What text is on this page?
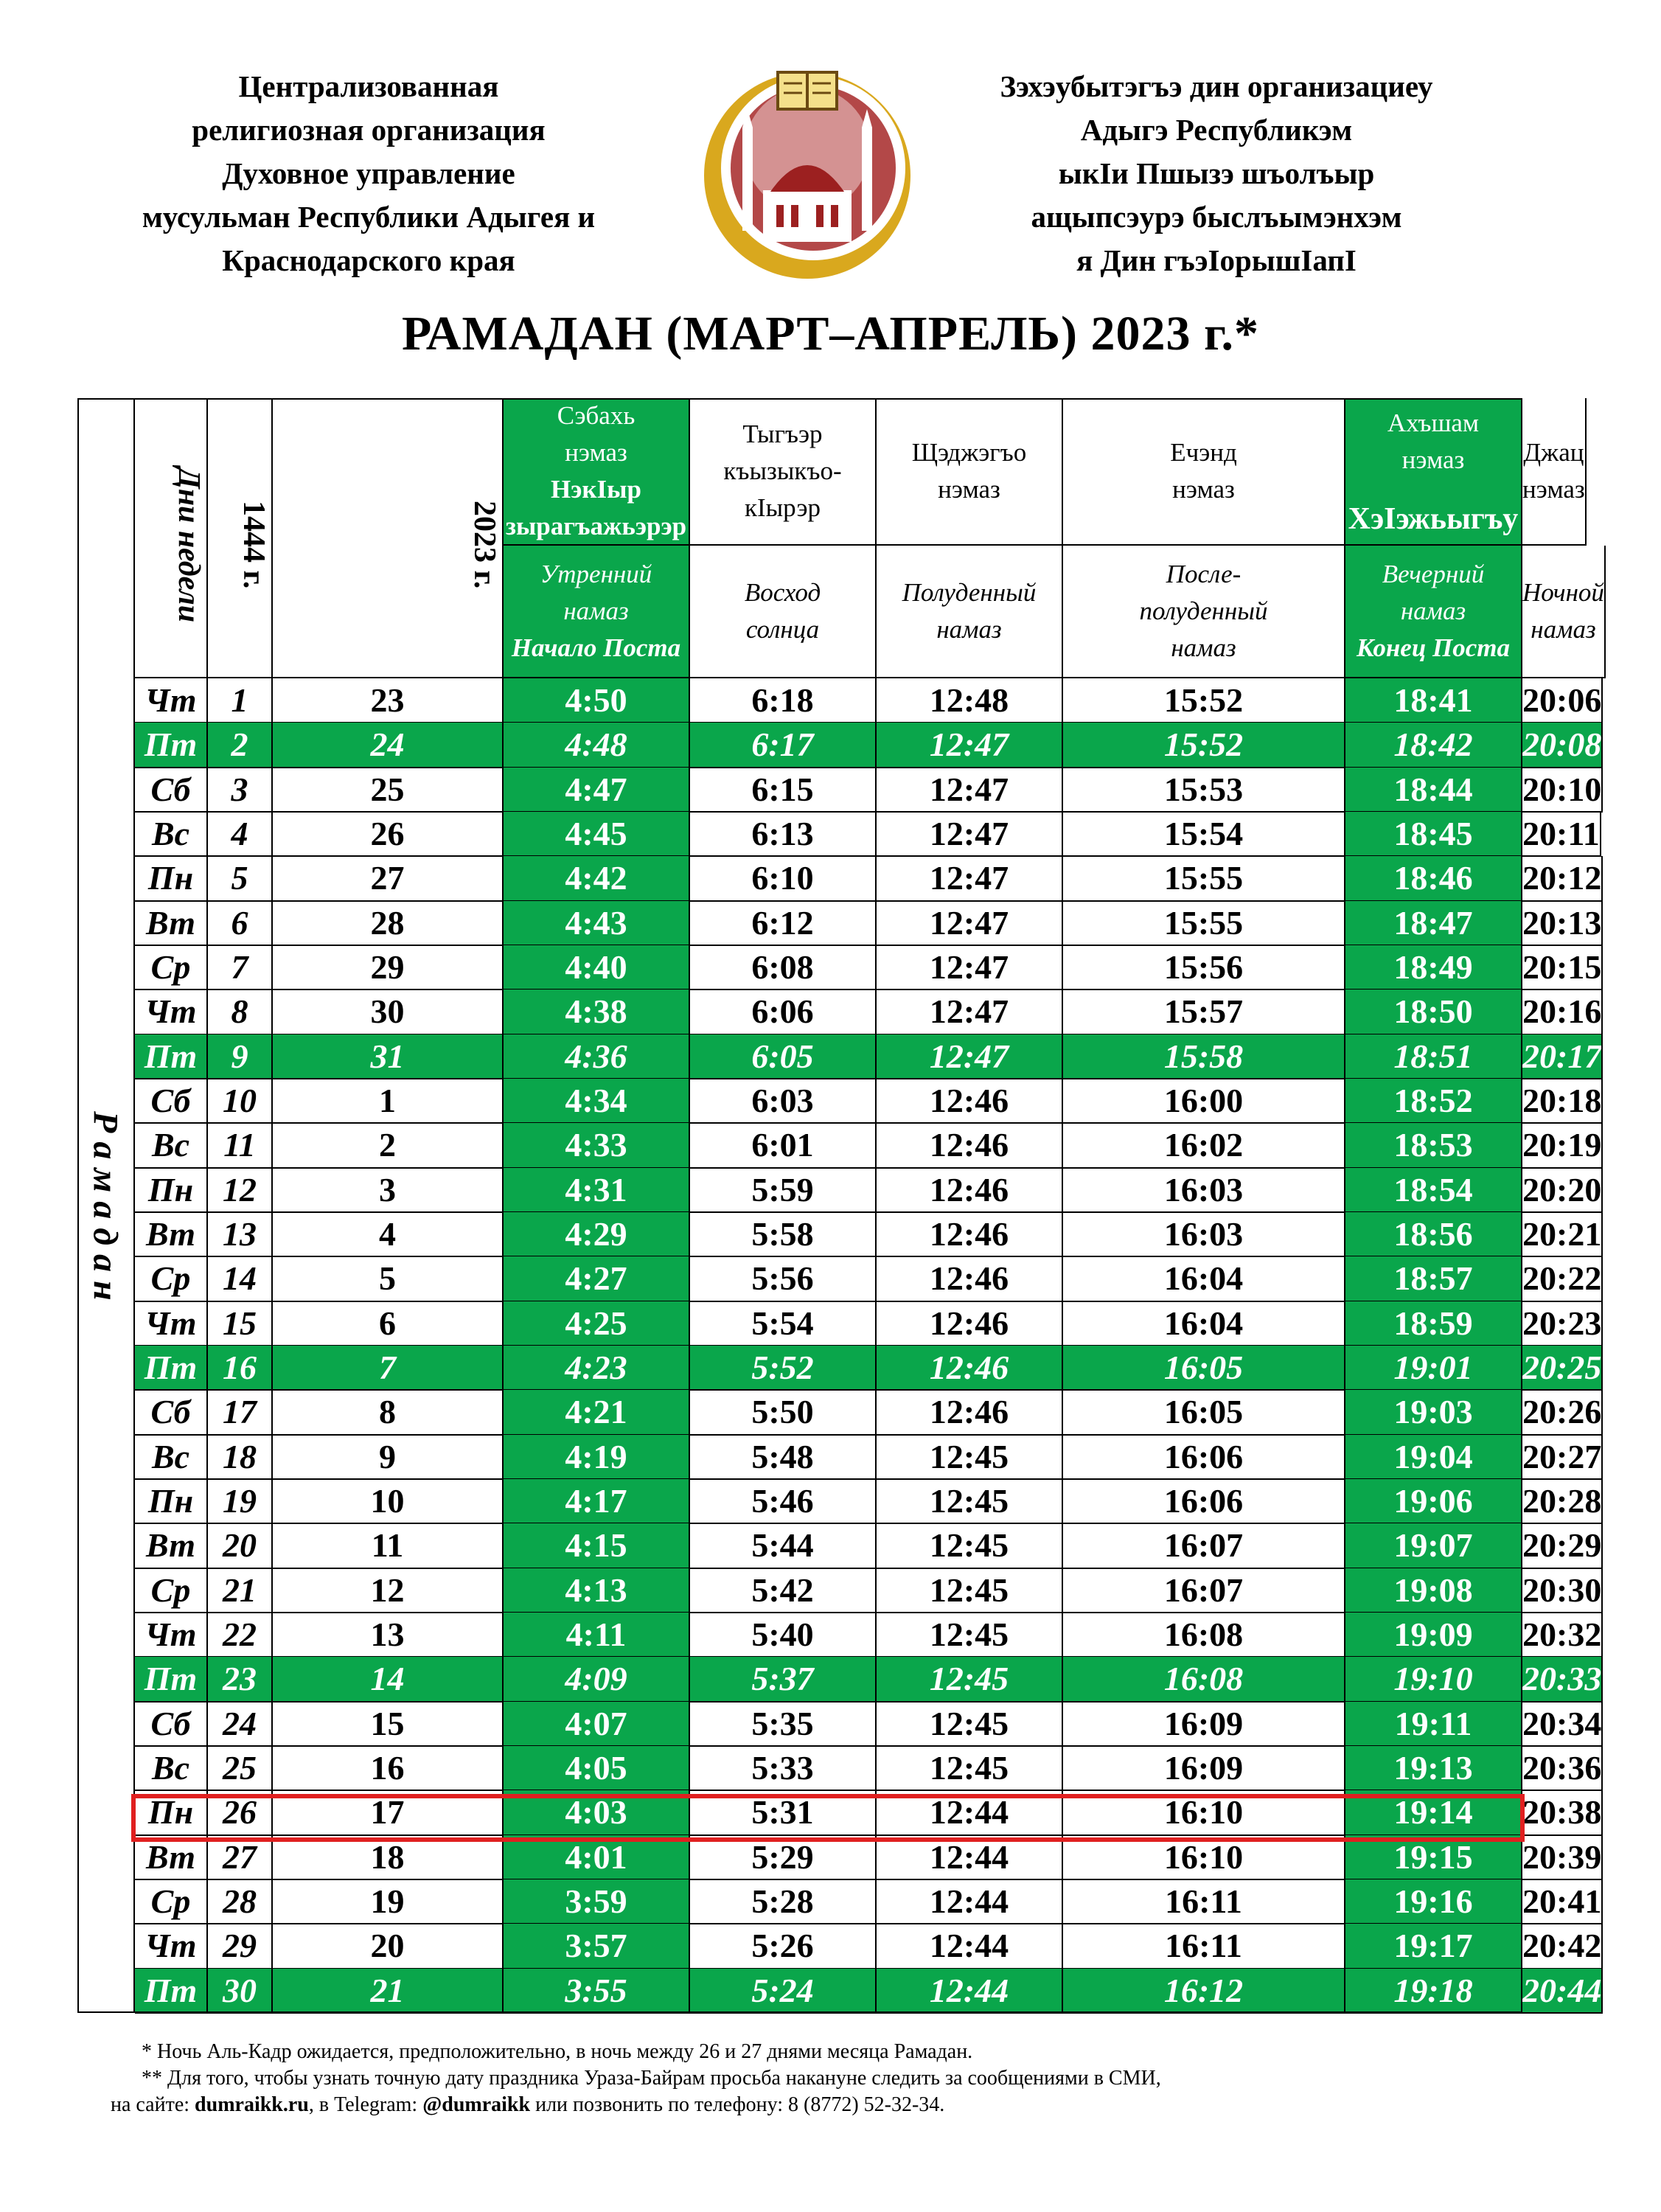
Централизованная
религиозная организация
Духовное управление
мусульман Республики Адыгея и
Краснодарского края
Зэхэубытэгъэ дин организациеу
Адыгэ Республикэм
ыкIи Пшызэ шъолъыр
ащыпсэурэ быслъымэнхэм
я Дин гъэIорышIапI
РАМАДАН (МАРТ–АПРЕЛЬ) 2023 г.*
Р а м а д а н
Дни недели	1444 г.	2023 г.
Сэбахь
нэмаз
НэкIыр
зырагъажьэрэр
Утренний
намаз
Начало Поста
Тыгъэр
къызыкъо-
кIырэр
Восход
солнца
Щэджэгъо
нэмаз
Полуденный
намаз
Ечэнд
нэмаз
После-
полуденный
намаз
Ахъшам
нэмаз
ХэIэжьыгъу
Вечерний
намаз
Конец Поста
Джац
нэмаз
Ночной
намаз
Чт	1	23	4:50	6:18	12:48	15:52	18:41	20:06
Пт	2	24	4:48	6:17	12:47	15:52	18:42	20:08
Сб	3	25	4:47	6:15	12:47	15:53	18:44	20:10
Вс	4	26	4:45	6:13	12:47	15:54	18:45	20:11
Пн	5	27	4:42	6:10	12:47	15:55	18:46	20:12
Вт	6	28	4:43	6:12	12:47	15:55	18:47	20:13
Ср	7	29	4:40	6:08	12:47	15:56	18:49	20:15
Чт	8	30	4:38	6:06	12:47	15:57	18:50	20:16
Пт	9	31	4:36	6:05	12:47	15:58	18:51	20:17
Сб 10	1	4:34	6:03	12:46	16:00	18:52	20:18
Вс	11	2	4:33	6:01	12:46	16:02	18:53	20:19
Пн 12	3	4:31	5:59	12:46	16:03	18:54	20:20
Вт 13	4	4:29	5:58	12:46	16:03	18:56	20:21
Ср 14	5	4:27	5:56	12:46	16:04	18:57	20:22
Чт 15	6	4:25	5:54	12:46	16:04	18:59	20:23
Пт 16	7	4:23	5:52	12:46	16:05	19:01	20:25
Сб 17	8	4:21	5:50	12:46	16:05	19:03	20:26
Вс 18	9	4:19	5:48	12:45	16:06	19:04	20:27
Пн 19	10	4:17	5:46	12:45	16:06	19:06	20:28
Вт 20	11	4:15	5:44	12:45	16:07	19:07	20:29
Ср 21	12	4:13	5:42	12:45	16:07	19:08	20:30
Чт 22	13	4:11	5:40	12:45	16:08	19:09	20:32
Пт 23	14	4:09	5:37	12:45	16:08	19:10	20:33
Сб 24	15	4:07	5:35	12:45	16:09	19:11	20:34
Вс 25	16	4:05	5:33	12:45	16:09	19:13	20:36
Пн 26	17	4:03	5:31	12:44	16:10	19:14	20:38
Вт 27	18	4:01	5:29	12:44	16:10	19:15	20:39
Ср 28	19	3:59	5:28	12:44	16:11	19:16	20:41
Чт 29	20	3:57	5:26	12:44	16:11	19:17	20:42
Пт 30	21	3:55	5:24	12:44	16:12	19:18	20:44
* Ночь Аль-Кадр ожидается, предположительно, в ночь между 26 и 27 днями месяца Рамадан.
** Для того, чтобы узнать точную дату праздника Ураза-Байрам просьба накануне следить за сообщениями в СМИ,
на сайте: dumraikk.ru, в Telegram: @dumraikk или позвонить по телефону: 8 (8772) 52-32-34.
